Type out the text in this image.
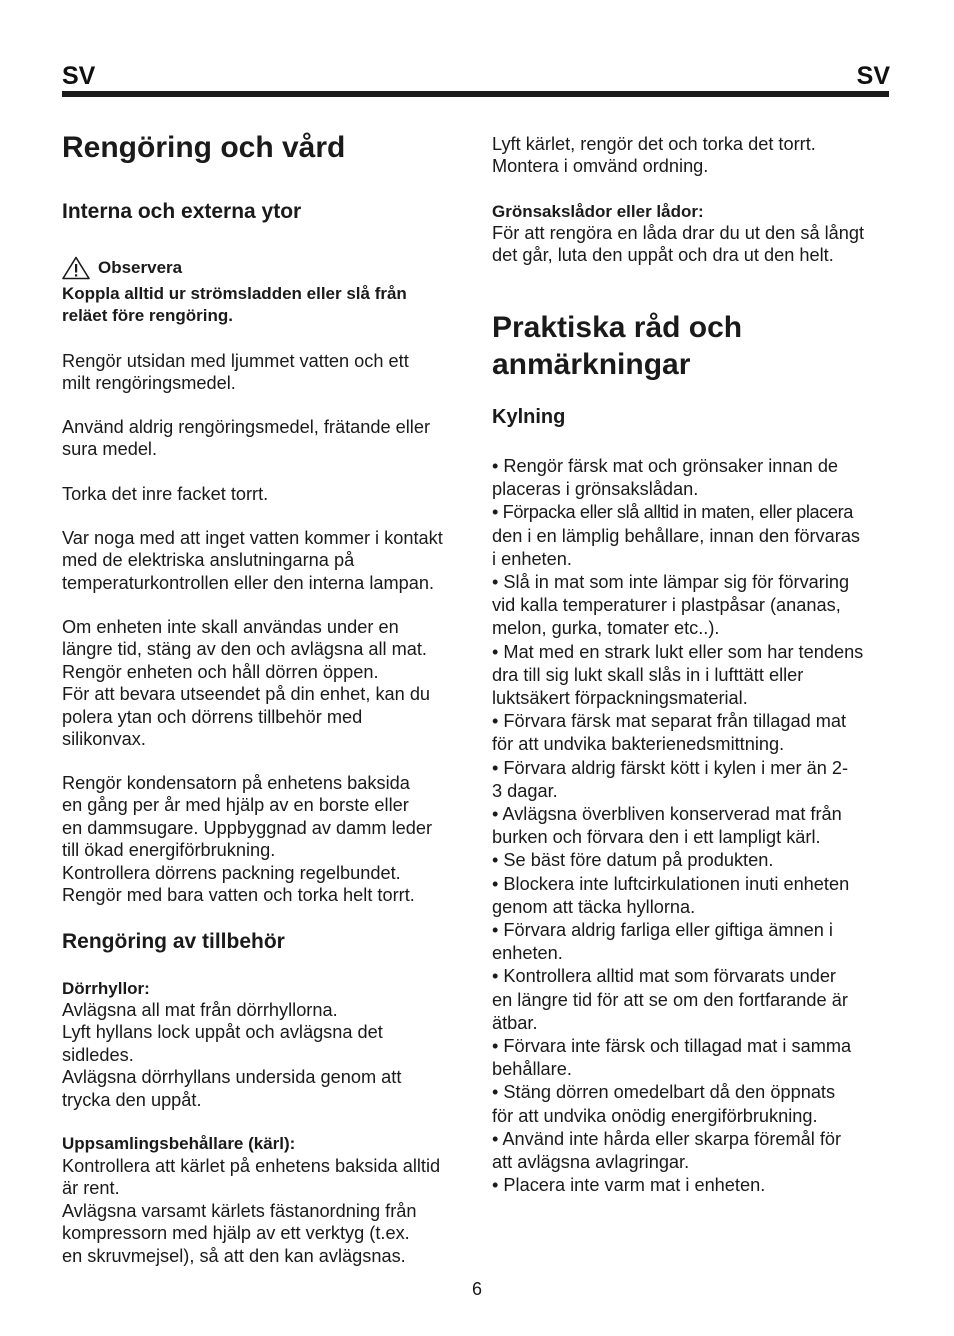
SV	SV
Rengöring och vård
Interna och externa ytor
Observera
Koppla alltid ur strömsladden eller slå från
reläet före rengöring.
Rengör utsidan med ljummet vatten och ett
milt rengöringsmedel.
Använd aldrig rengöringsmedel, frätande eller
sura medel.
Torka det inre facket torrt.
Var noga med att inget vatten kommer i kontakt
med de elektriska anslutningarna på
temperaturkontrollen eller den interna lampan.
Om enheten inte skall användas under en
längre tid, stäng av den och avlägsna all mat.
Rengör enheten och håll dörren öppen.
För att bevara utseendet på din enhet, kan du
polera ytan och dörrens tillbehör med
silikonvax.
Rengör kondensatorn på enhetens baksida
en gång per år med hjälp av en borste eller
en dammsugare. Uppbyggnad av damm leder
till ökad energiförbrukning.
Kontrollera dörrens packning regelbundet.
Rengör med bara vatten och torka helt torrt.
Rengöring av tillbehör
Dörrhyllor:
Avlägsna all mat från dörrhyllorna.
Lyft hyllans lock uppåt och avlägsna det
sidledes.
Avlägsna dörrhyllans undersida genom att
trycka den uppåt.
Uppsamlingsbehållare (kärl):
Kontrollera att kärlet på enhetens baksida alltid
är rent.
Avlägsna varsamt kärlets fästanordning från
kompressorn med hjälp av ett verktyg (t.ex.
en skruvmejsel), så att den kan avlägsnas.
Lyft kärlet, rengör det och torka det torrt.
Montera i omvänd ordning.
Grönsakslådor eller lådor:
För att rengöra en låda drar du ut den så långt
det går, luta den uppåt och dra ut den helt.
Praktiska råd och
anmärkningar
Kylning
• Rengör färsk mat och grönsaker innan de
placeras i grönsakslådan.
• Förpacka eller slå alltid in maten, eller placera
den i en lämplig behållare, innan den förvaras
i enheten.
• Slå in mat som inte lämpar sig för förvaring
vid kalla temperaturer i plastpåsar (ananas,
melon, gurka, tomater etc..).
• Mat med en strark lukt eller som har tendens
dra till sig lukt skall slås in i lufttätt eller
luktsäkert förpackningsmaterial.
• Förvara färsk mat separat från tillagad mat
för att undvika bakterienedsmittning.
• Förvara aldrig färskt kött i kylen i mer än 2-
3 dagar.
• Avlägsna överbliven konserverad mat från
burken och förvara den i ett lampligt kärl.
• Se bäst före datum på produkten.
• Blockera inte luftcirkulationen inuti enheten
genom att täcka hyllorna.
• Förvara aldrig farliga eller giftiga ämnen i
enheten.
• Kontrollera alltid mat som förvarats under
en längre tid för att se om den fortfarande är
ätbar.
• Förvara inte färsk och tillagad mat i samma
behållare.
• Stäng dörren omedelbart då den öppnats
för att undvika onödig energiförbrukning.
• Använd inte hårda eller skarpa föremål för
att avlägsna avlagringar.
• Placera inte varm mat i enheten.
6
